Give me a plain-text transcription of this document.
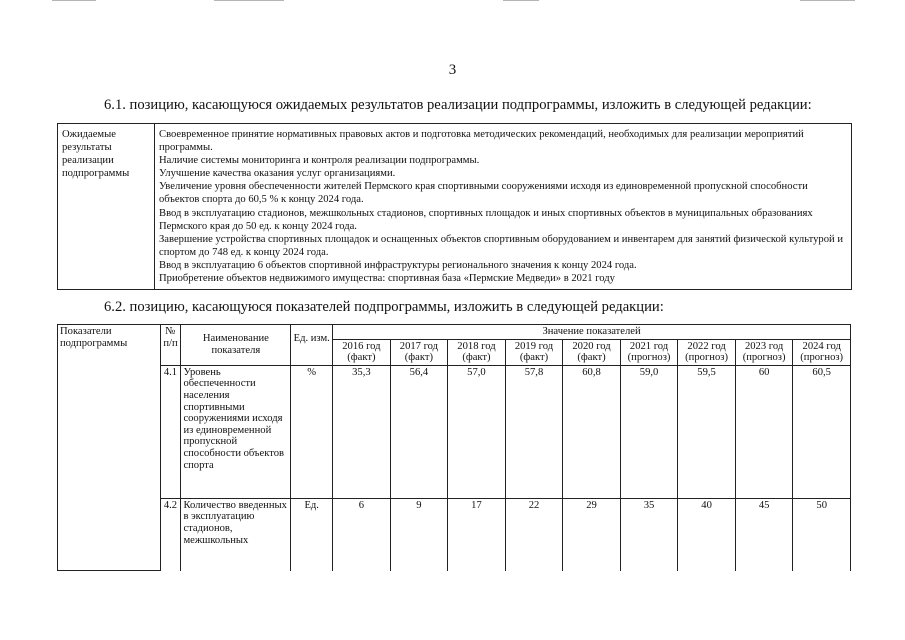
3
6.1. позицию, касающуюся ожидаемых результатов реализации подпрограммы, изложить в следующей редакции:
Ожидаемые результаты реализации подпрограммы	
Своевременное принятие нормативных правовых актов и подготовка методических рекомендаций, необходимых для реализации мероприятий программы.
Наличие системы мониторинга и контроля реализации подпрограммы.
Улучшение качества оказания услуг организациями.
Увеличение уровня обеспеченности жителей Пермского края спортивными сооружениями исходя из единовременной пропускной способности объектов спорта до 60,5 % к концу 2024 года.
Ввод в эксплуатацию стадионов, межшкольных стадионов, спортивных площадок и иных спортивных объектов в муниципальных образованиях Пермского края до 50 ед. к концу 2024 года.
Завершение устройства спортивных площадок и оснащенных объектов спортивным оборудованием и инвентарем для занятий физической культурой и спортом до 748 ед. к концу 2024 года.
Ввод в эксплуатацию 6 объектов спортивной инфраструктуры регионального значения к концу 2024 года.
Приобретение объектов недвижимого имущества: спортивная база «Пермские Медведи» в 2021 году
6.2. позицию, касающуюся показателей подпрограммы, изложить в следующей редакции:
Показатели подпрограммы	№ п/п	Наименование показателя	Ед. изм.	Значение показателей								
				2016 год (факт)	2017 год (факт)	2018 год (факт)	2019 год (факт)	2020 год (факт)	2021 год (прогноз)	2022 год (прогноз)	2023 год (прогноз)	2024 год (прогноз)
	4.1	Уровень обеспеченности населения спортивными сооружениями исходя из единовременной пропускной способности объектов спорта	%	35,3	56,4	57,0	57,8	60,8	59,0	59,5	60	60,5
	4.2	Количество введенных в эксплуатацию стадионов, межшкольных	Ед.	6	9	17	22	29	35	40	45	50
